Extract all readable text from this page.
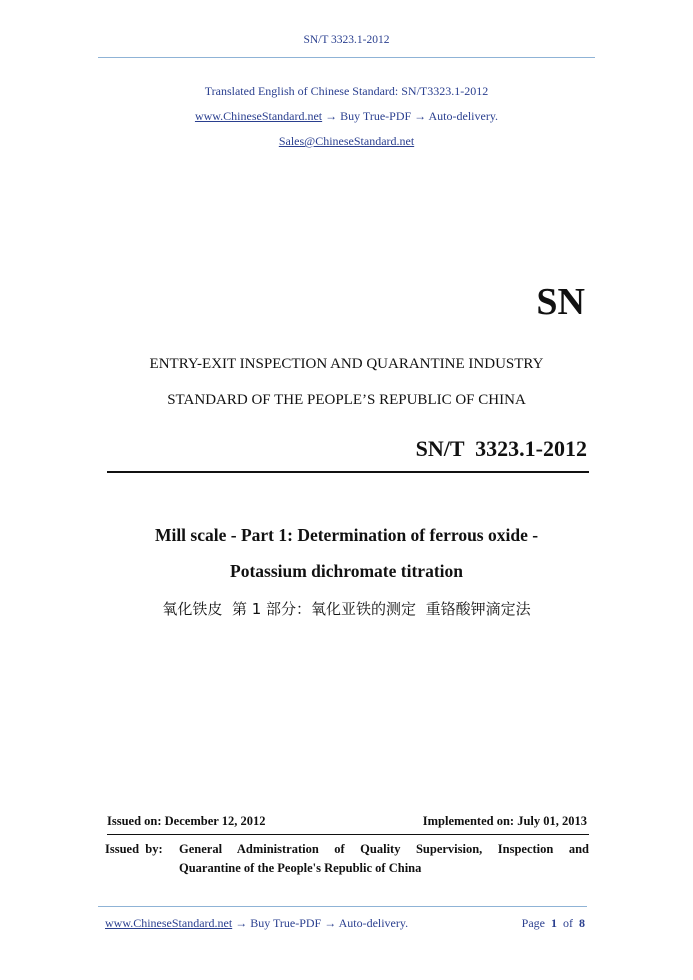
SN/T 3323.1-2012
Translated English of Chinese Standard: SN/T3323.1-2012
www.ChineseStandard.net → Buy True-PDF → Auto-delivery.
Sales@ChineseStandard.net
SN
ENTRY-EXIT INSPECTION AND QUARANTINE INDUSTRY
STANDARD OF THE PEOPLE’S REPUBLIC OF CHINA
SN/T  3323.1-2012
Mill scale - Part 1: Determination of ferrous oxide -
Potassium dichromate titration
氧化铁皮  第 1 部分：氧化亚铁的测定  重铬酸钾滴定法
Issued on: December 12, 2012	Implemented on: July 01, 2013
Issued  by:	General Administration of Quality Supervision, Inspection and
Quarantine of the People's Republic of China
www.ChineseStandard.net → Buy True-PDF → Auto-delivery.	Page 1 of 8
